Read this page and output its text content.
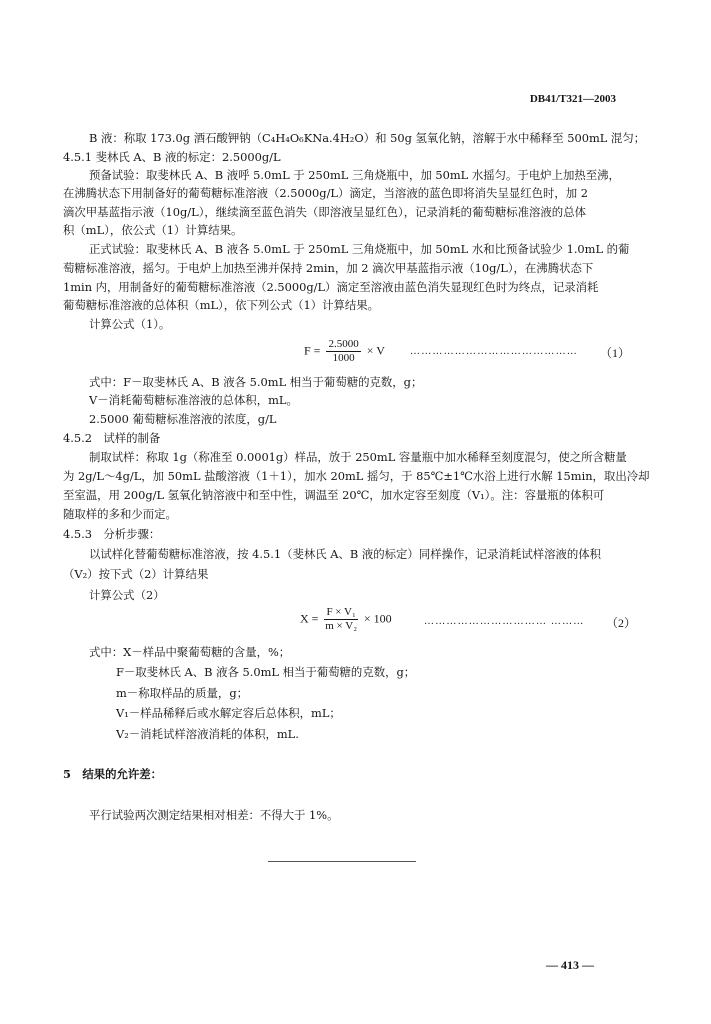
DB41/T321—2003
B 液：称取 173.0g 酒石酸钾钠（C₄H₄O₆KNa.4H₂O）和 50g 氢氧化钠，溶解于水中稀释至 500mL 混匀；
4.5.1 斐林氏 A、B 液的标定：2.5000g/L
预备试验：取斐林氏 A、B 液呼 5.0mL 于 250mL 三角烧瓶中，加 50mL 水摇匀。于电炉上加热至沸，
在沸腾状态下用制备好的葡萄糖标准溶液（2.5000g/L）滴定，当溶液的蓝色即将消失呈显红色时，加 2
滴次甲基蓝指示液（10g/L），继续滴至蓝色消失（即溶液呈显红色），记录消耗的葡萄糖标准溶液的总体
积（mL），依公式（1）计算结果。
正式试验：取斐林氏 A、B 液各 5.0mL 于 250mL 三角烧瓶中，加 50mL 水和比预备试验少 1.0mL 的葡
萄糖标准溶液，摇匀。于电炉上加热至沸并保持 2min，加 2 滴次甲基蓝指示液（10g/L），在沸腾状态下
1min 内，用制备好的葡萄糖标准溶液（2.5000g/L）滴定至溶液由蓝色消失显现红色时为终点，记录消耗
葡萄糖标准溶液的总体积（mL），依下列公式（1）计算结果。
计算公式（1）。
$F = \frac{2.5000}{1000} \times V$	……………………………………… （1）
式中：F－取斐林氏 A、B 液各 5.0mL 相当于葡萄糖的克数，g；
V－消耗葡萄糖标准溶液的总体积，mL。
2.5000 葡萄糖标准溶液的浓度，g/L
4.5.2　试样的制备
制取试样：称取 1g（称准至 0.0001g）样品，放于 250mL 容量瓶中加水稀释至刻度混匀，使之所含糖量
为 2g/L～4g/L，加 50mL 盐酸溶液（1＋1），加水 20mL 摇匀，于 85℃±1℃水浴上进行水解 15min，取出冷却
至室温，用 200g/L 氢氧化钠溶液中和至中性，调温至 20℃，加水定容至刻度（V₁）。注：容量瓶的体积可
随取样的多和少而定。
4.5.3　分析步骤：
以试样化替葡萄糖标准溶液，按 4.5.1（斐林氏 A、B 液的标定）同样操作，记录消耗试样溶液的体积
（V₂）按下式（2）计算结果
计算公式（2）
$X = \frac{\text{F × V₁}}{\text{m × V₂}} \times 100$	…………………………… ……… （2）
式中：X－样品中聚葡萄糖的含量，%；
F－取斐林氏 A、B 液各 5.0mL 相当于葡萄糖的克数，g；
m－称取样品的质量，g；
V₁－样品稀释后或水解定容后总体积，mL；
V₂－消耗试样溶液消耗的体积，mL.
5　结果的允许差：
平行试验两次测定结果相对相差：不得大于 1%。
— 413 —
